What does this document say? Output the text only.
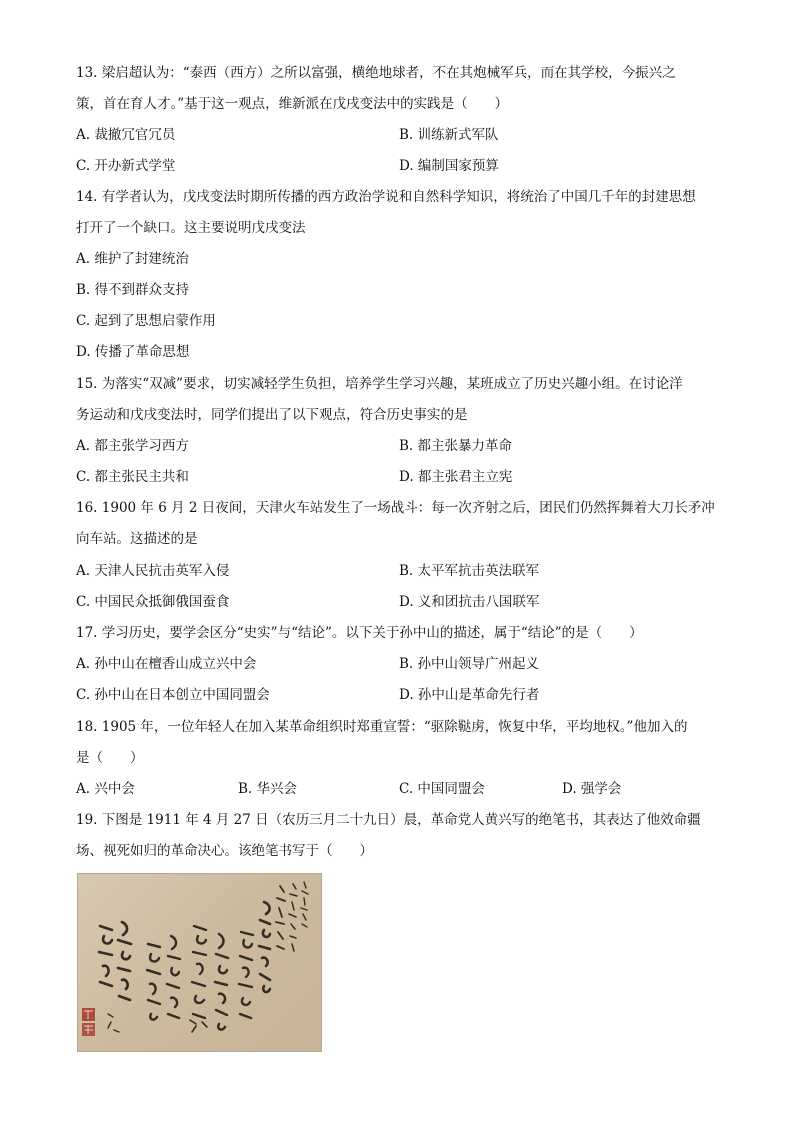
13. 梁启超认为：“泰西（西方）之所以富强，横绝地球者，不在其炮械军兵，而在其学校，今振兴之
策，首在育人才。”基于这一观点，维新派在戊戌变法中的实践是（　　）
A. 裁撤冗官冗员	B. 训练新式军队
C. 开办新式学堂	D. 编制国家预算
14. 有学者认为，戊戌变法时期所传播的西方政治学说和自然科学知识，将统治了中国几千年的封建思想
打开了一个缺口。这主要说明戊戌变法
A. 维护了封建统治
B. 得不到群众支持
C. 起到了思想启蒙作用
D. 传播了革命思想
15. 为落实“双减”要求，切实减轻学生负担，培养学生学习兴趣，某班成立了历史兴趣小组。在讨论洋
务运动和戊戌变法时，同学们提出了以下观点，符合历史事实的是
A. 都主张学习西方	B. 都主张暴力革命
C. 都主张民主共和	D. 都主张君主立宪
16. 1900 年 6 月 2 日夜间，天津火车站发生了一场战斗：每一次齐射之后，团民们仍然挥舞着大刀长矛冲
向车站。这描述的是
A. 天津人民抗击英军入侵	B. 太平军抗击英法联军
C. 中国民众抵御俄国蚕食	D. 义和团抗击八国联军
17. 学习历史，要学会区分“史实”与“结论”。以下关于孙中山的描述，属于“结论”的是（　　）
A. 孙中山在檀香山成立兴中会	B. 孙中山领导广州起义
C. 孙中山在日本创立中国同盟会	D. 孙中山是革命先行者
18. 1905 年，一位年轻人在加入某革命组织时郑重宣誓：“驱除鞑虏，恢复中华，平均地权。”他加入的
是（　　）
A. 兴中会	B. 华兴会	C. 中国同盟会	D. 强学会
19. 下图是 1911 年 4 月 27 日（农历三月二十九日）晨，革命党人黄兴写的绝笔书，其表达了他效命疆
场、视死如归的革命决心。该绝笔书写于（　　）
